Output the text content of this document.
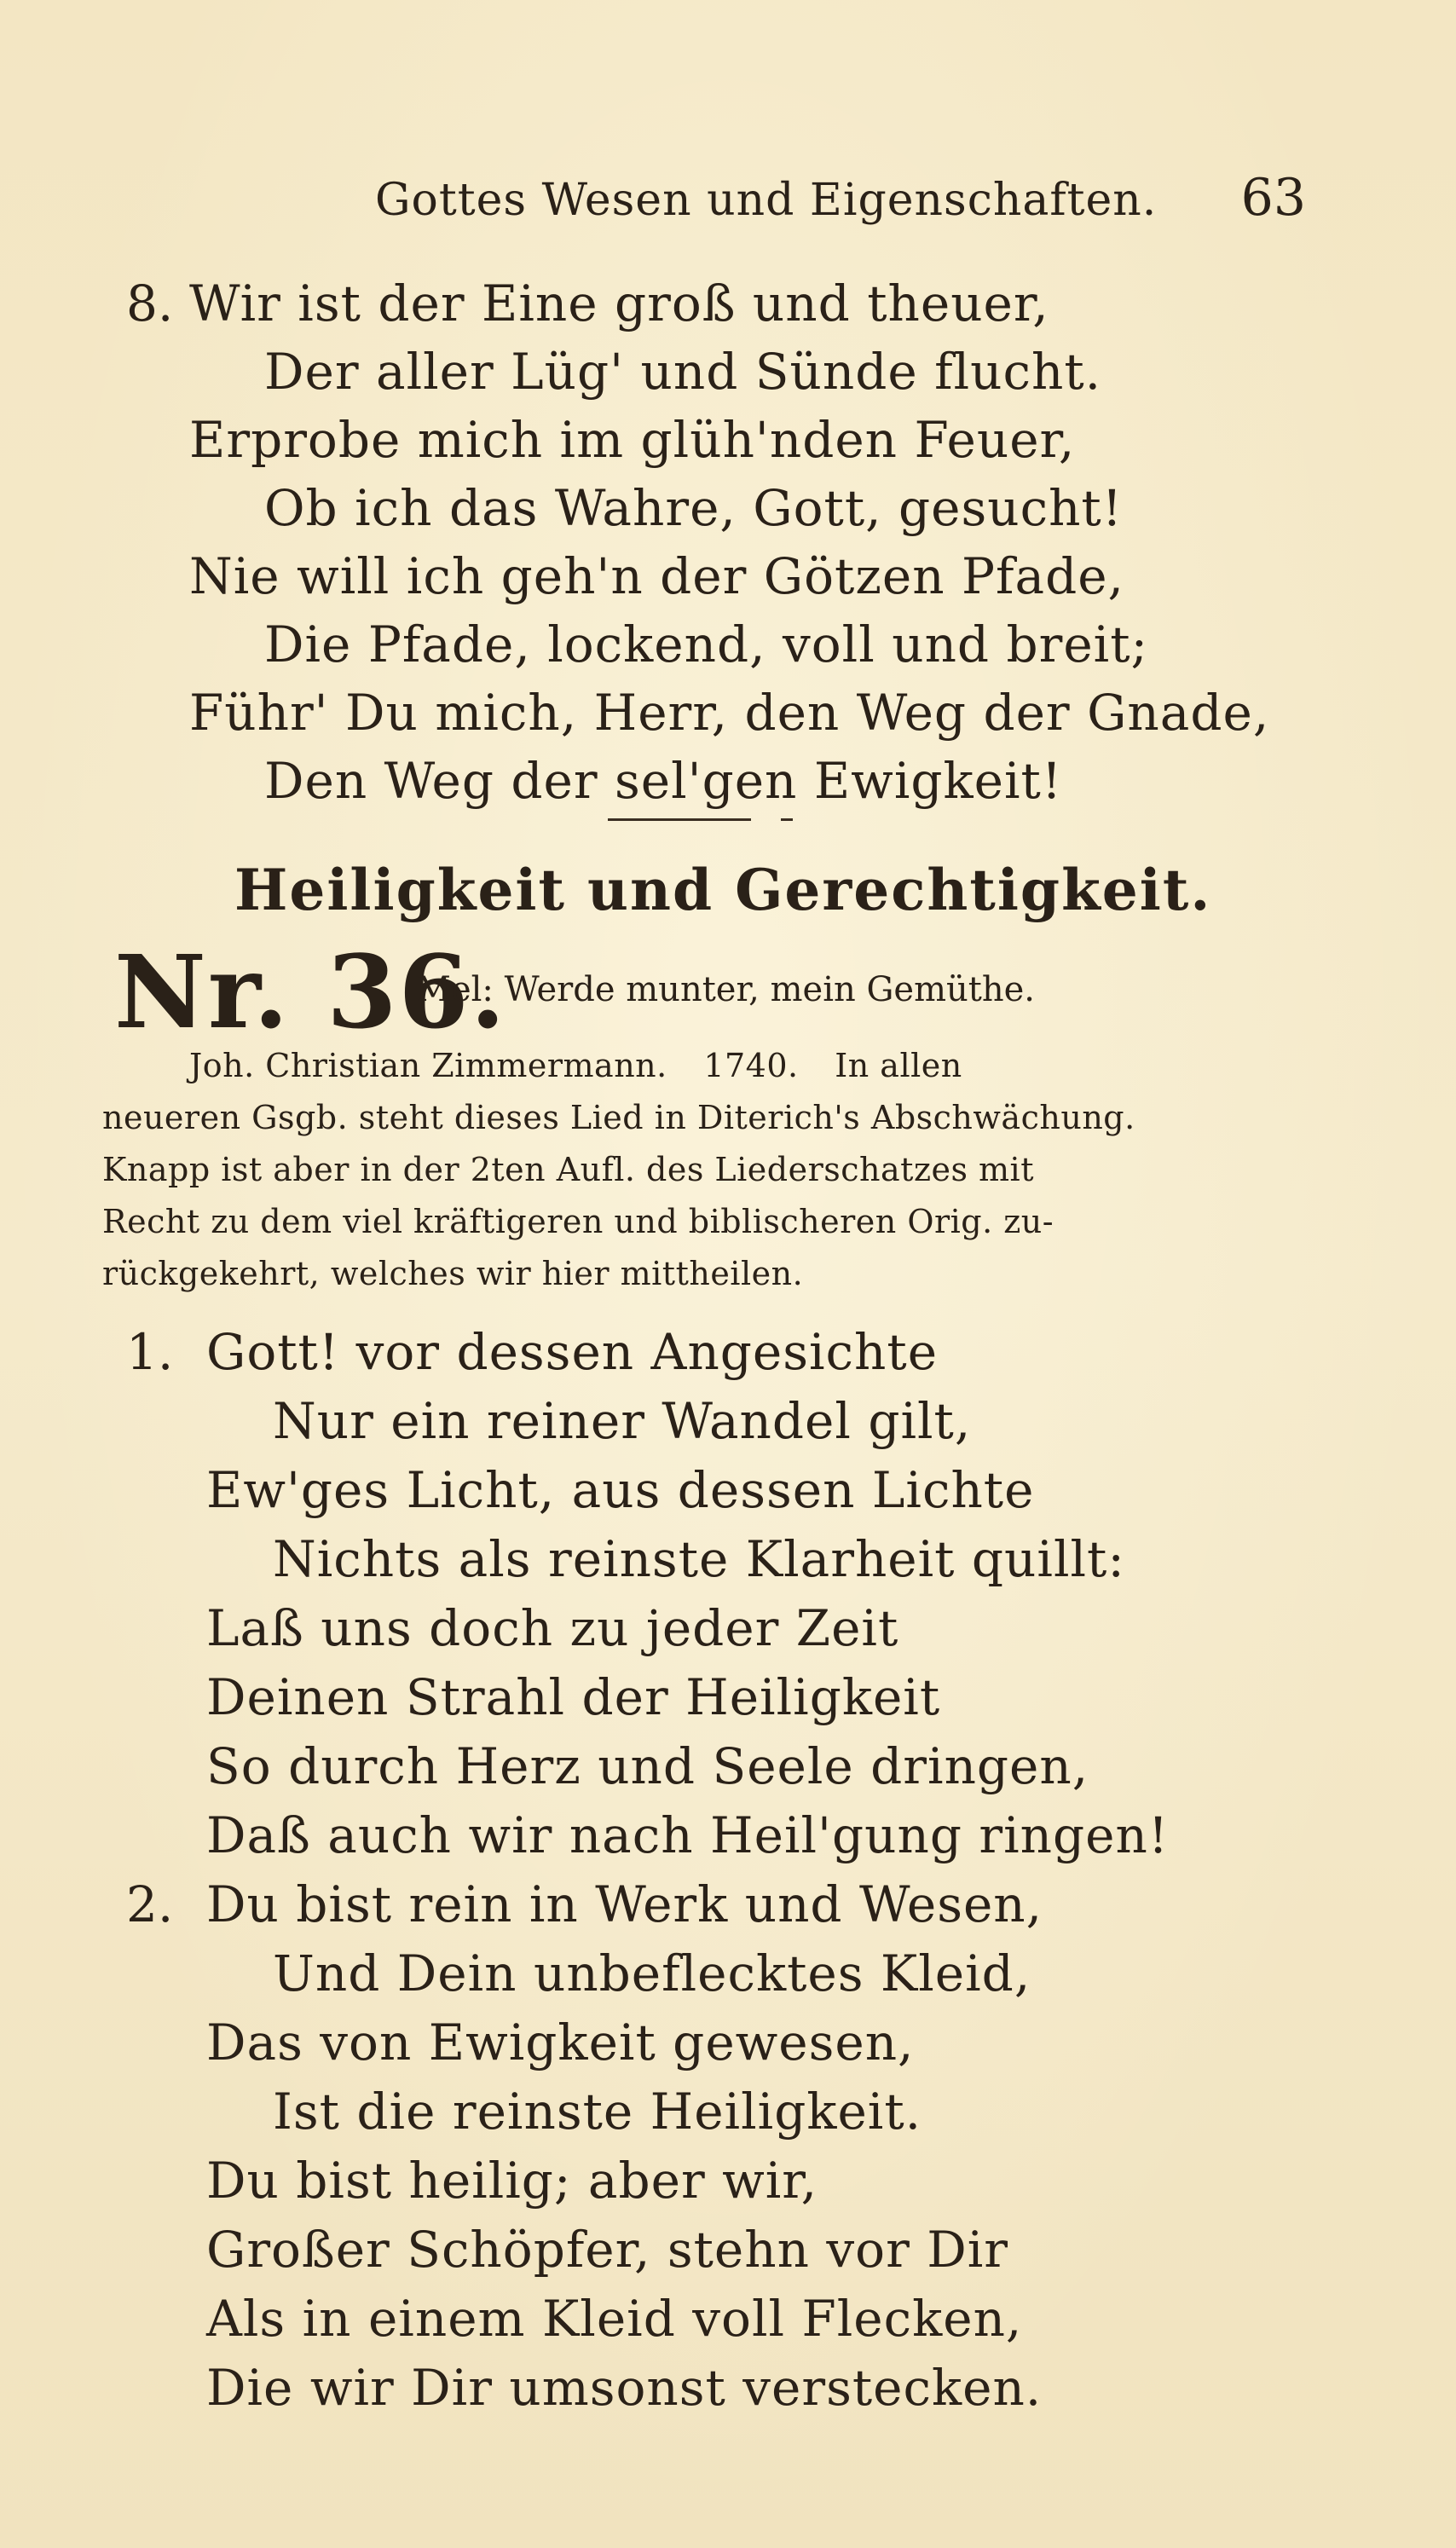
Gottes Wesen und Eigenschaften. 63
8. Wir ist der Eine groß und theuer,
Der aller Lüg' und Sünde flucht.
Erprobe mich im glüh'nden Feuer,
Ob ich das Wahre, Gott, gesucht!
Nie will ich geh'n der Götzen Pfade,
Die Pfade, lockend, voll und breit;
Führ' Du mich, Herr, den Weg der Gnade,
Den Weg der sel'gen Ewigkeit!
Heiligkeit und Gerechtigkeit.
Nr. 36.
Mel: Werde munter, mein Gemüthe.
Joh. Christian Zimmermann. 1740. In allen
neueren Gsgb. steht dieses Lied in Diterich's Abschwächung.
Knapp ist aber in der 2ten Aufl. des Liederschatzes mit
Recht zu dem viel kräftigeren und biblischeren Orig. zu-
rückgekehrt, welches wir hier mittheilen.
1. Gott! vor dessen Angesichte
Nur ein reiner Wandel gilt,
Ew'ges Licht, aus dessen Lichte
Nichts als reinste Klarheit quillt:
Laß uns doch zu jeder Zeit
Deinen Strahl der Heiligkeit
So durch Herz und Seele dringen,
Daß auch wir nach Heil'gung ringen!
2. Du bist rein in Werk und Wesen,
Und Dein unbeflecktes Kleid,
Das von Ewigkeit gewesen,
Ist die reinste Heiligkeit.
Du bist heilig; aber wir,
Großer Schöpfer, stehn vor Dir
Als in einem Kleid voll Flecken,
Die wir Dir umsonst verstecken.
